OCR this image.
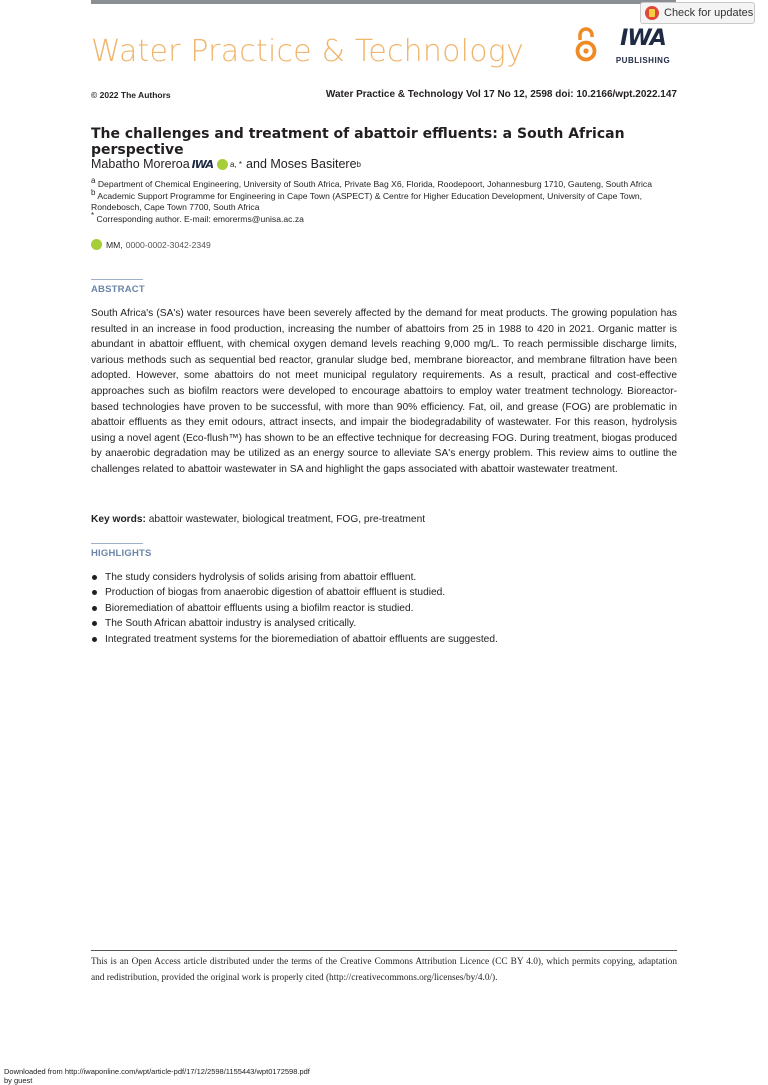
Check for updates
Water Practice & Technology	IWA
PUBLISHING
© 2022 The Authors	Water Practice & Technology Vol 17 No 12, 2598 doi: 10.2166/wpt.2022.147
The challenges and treatment of abattoir effluents: a South African perspective
Mabatho Moreroa IWA a, * and Moses Basitere b
a Department of Chemical Engineering, University of South Africa, Private Bag X6, Florida, Roodepoort, Johannesburg 1710, Gauteng, South Africa
b Academic Support Programme for Engineering in Cape Town (ASPECT) & Centre for Higher Education Development, University of Cape Town, Rondebosch, Cape Town 7700, South Africa
* Corresponding author. E-mail: emorerms@unisa.ac.za
MM, 0000-0002-3042-2349
ABSTRACT
South Africa's (SA's) water resources have been severely affected by the demand for meat products. The growing population has resulted in an increase in food production, increasing the number of abattoirs from 25 in 1988 to 420 in 2021. Organic matter is abundant in abattoir effluent, with chemical oxygen demand levels reaching 9,000 mg/L. To reach permissible discharge limits, various methods such as sequential bed reactor, granular sludge bed, membrane bioreactor, and membrane filtration have been adopted. However, some abattoirs do not meet municipal regulatory requirements. As a result, practical and cost-effective approaches such as biofilm reactors were developed to encourage abattoirs to employ water treatment technology. Bioreactor-based technologies have proven to be successful, with more than 90% efficiency. Fat, oil, and grease (FOG) are problematic in abattoir effluents as they emit odours, attract insects, and impair the biodegradability of wastewater. For this reason, hydrolysis using a novel agent (Eco-flush™) has shown to be an effective technique for decreasing FOG. During treatment, biogas produced by anaerobic degradation may be utilized as an energy source to alleviate SA's energy problem. This review aims to outline the challenges related to abattoir wastewater in SA and highlight the gaps associated with abattoir wastewater treatment.
Key words: abattoir wastewater, biological treatment, FOG, pre-treatment
HIGHLIGHTS
The study considers hydrolysis of solids arising from abattoir effluent.
Production of biogas from anaerobic digestion of abattoir effluent is studied.
Bioremediation of abattoir effluents using a biofilm reactor is studied.
The South African abattoir industry is analysed critically.
Integrated treatment systems for the bioremediation of abattoir effluents are suggested.
This is an Open Access article distributed under the terms of the Creative Commons Attribution Licence (CC BY 4.0), which permits copying, adaptation and redistribution, provided the original work is properly cited (http://creativecommons.org/licenses/by/4.0/).
Downloaded from http://iwaponline.com/wpt/article-pdf/17/12/2598/1155443/wpt0172598.pdf
by guest
